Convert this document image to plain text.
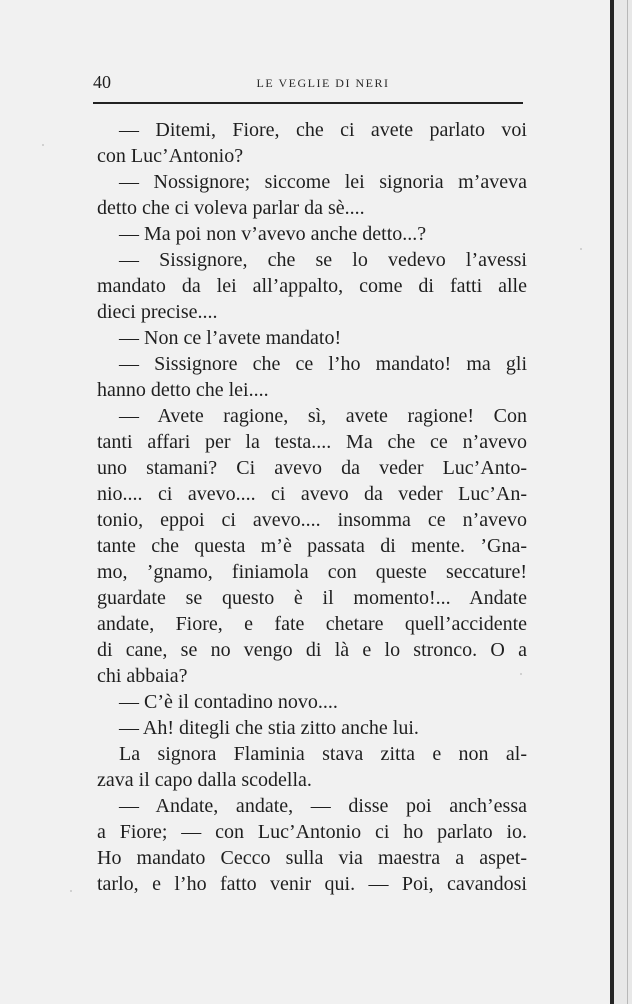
40	LE VEGLIE DI NERI
— Ditemi, Fiore, che ci avete parlato voi
con Luc’Antonio?
— Nossignore; siccome lei signoria m’aveva
detto che ci voleva parlar da sè....
— Ma poi non v’avevo anche detto...?
— Sissignore, che se lo vedevo l’avessi
mandato da lei all’appalto, come di fatti alle
dieci precise....
— Non ce l’avete mandato!
— Sissignore che ce l’ho mandato! ma gli
hanno detto che lei....
— Avete ragione, sì, avete ragione! Con
tanti affari per la testa.... Ma che ce n’avevo
uno stamani? Ci avevo da veder Luc’Anto-
nio.... ci avevo.... ci avevo da veder Luc’An-
tonio, eppoi ci avevo.... insomma ce n’avevo
tante che questa m’è passata di mente. ’Gna-
mo, ’gnamo, finiamola con queste seccature!
guardate se questo è il momento!... Andate
andate, Fiore, e fate chetare quell’accidente
di cane, se no vengo di là e lo stronco. O a
chi abbaia?
— C’è il contadino novo....
— Ah! ditegli che stia zitto anche lui.
La signora Flaminia stava zitta e non al-
zava il capo dalla scodella.
— Andate, andate, — disse poi anch’essa
a Fiore; — con Luc’Antonio ci ho parlato io.
Ho mandato Cecco sulla via maestra a aspet-
tarlo, e l’ho fatto venir qui. — Poi, cavandosi
